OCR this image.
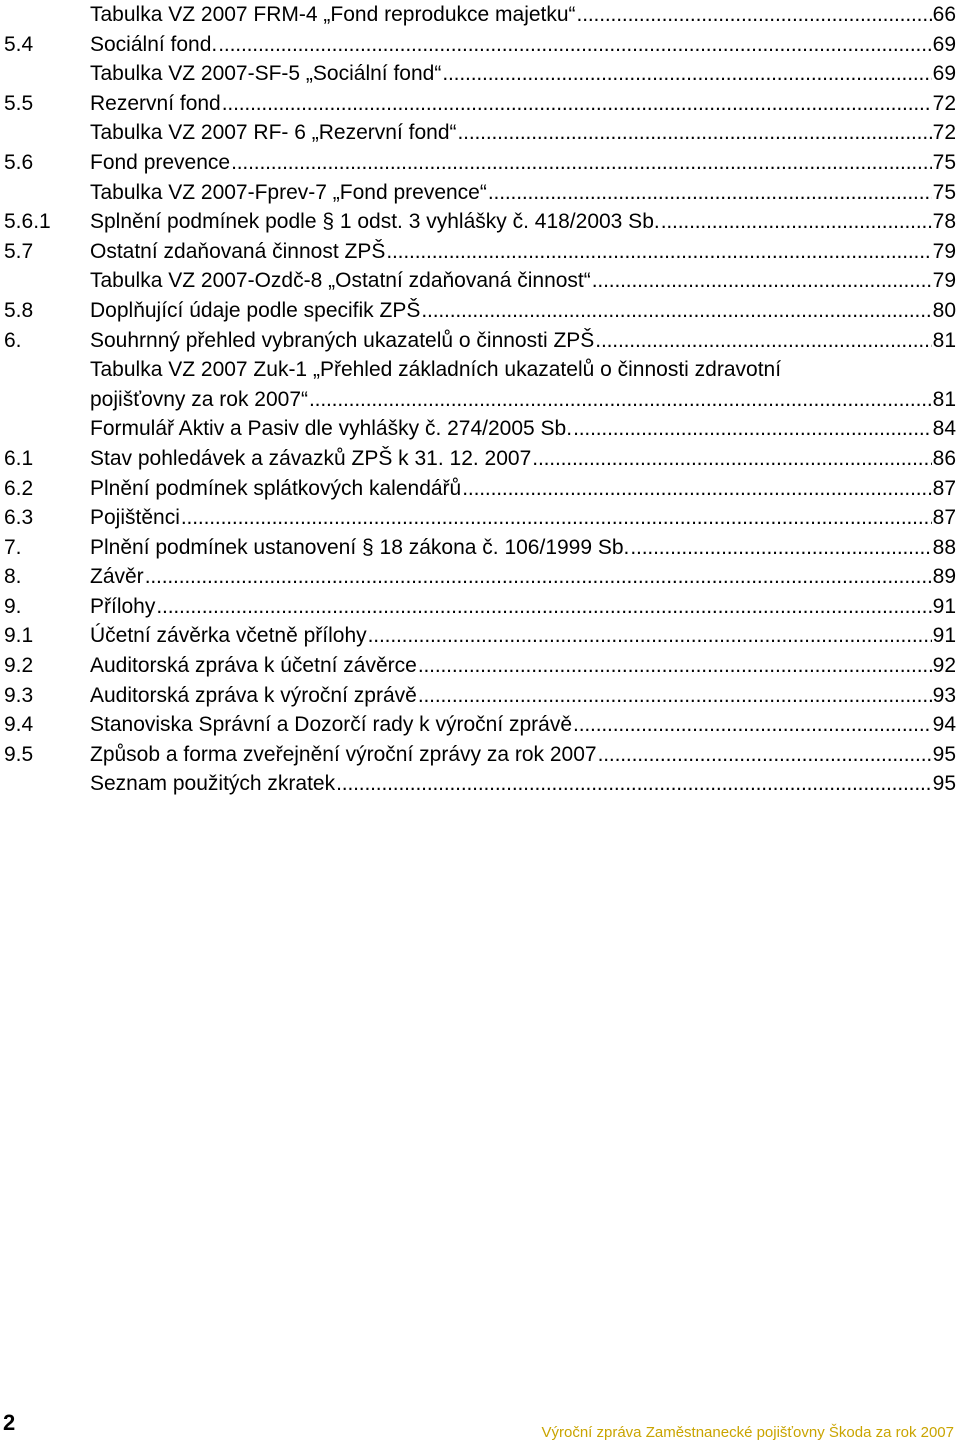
Tabulka VZ 2007 FRM-4 „Fond reprodukce majetku“ . . .	66
5.4	Sociální fond. . . .	69
Tabulka VZ 2007-SF-5 „Sociální fond“ . . .	69
5.5	Rezervní fond . . .	72
Tabulka VZ 2007 RF- 6 „Rezervní fond“ . . .	72
5.6	Fond prevence . . .	75
Tabulka VZ 2007-Fprev-7 „Fond prevence“ . . .	75
5.6.1 Splnění podmínek podle § 1 odst. 3 vyhlášky č. 418/2003 Sb. . . .	78
5.7	Ostatní zdaňovaná činnost ZPŠ . . .	79
Tabulka VZ 2007-Ozdč-8 „Ostatní zdaňovaná činnost“ . . .	79
5.8	Doplňující údaje podle specifik ZPŠ . . .	80
6.	Souhrnný přehled vybraných ukazatelů o činnosti ZPŠ . . .	81
Tabulka VZ 2007 Zuk-1 „Přehled základních ukazatelů o činnosti zdravotní
pojišťovny za rok 2007“ . . .	81
Formulář Aktiv a Pasiv dle vyhlášky č. 274/2005 Sb. . . .	84
6.1	Stav pohledávek a závazků ZPŠ k 31. 12. 2007 . . .	86
6.2	Plnění podmínek splátkových kalendářů . . .	87
6.3	Pojištěnci . . .	87
7.	Plnění podmínek ustanovení § 18 zákona č. 106/1999 Sb. . . .	88
8.	Závěr . . .	89
9.	Přílohy . . .	91
9.1	Účetní závěrka včetně přílohy . . .	91
9.2	Auditorská zpráva k účetní závěrce . . .	92
9.3	Auditorská zpráva k výroční zprávě . . .	93
9.4	Stanoviska Správní a Dozorčí rady k výroční zprávě . . .	94
9.5	Způsob a forma zveřejnění výroční zprávy za rok 2007 . . .	95
Seznam použitých zkratek . . .	95
2	Výroční zpráva Zaměstnanecké pojišťovny Škoda za rok 2007
